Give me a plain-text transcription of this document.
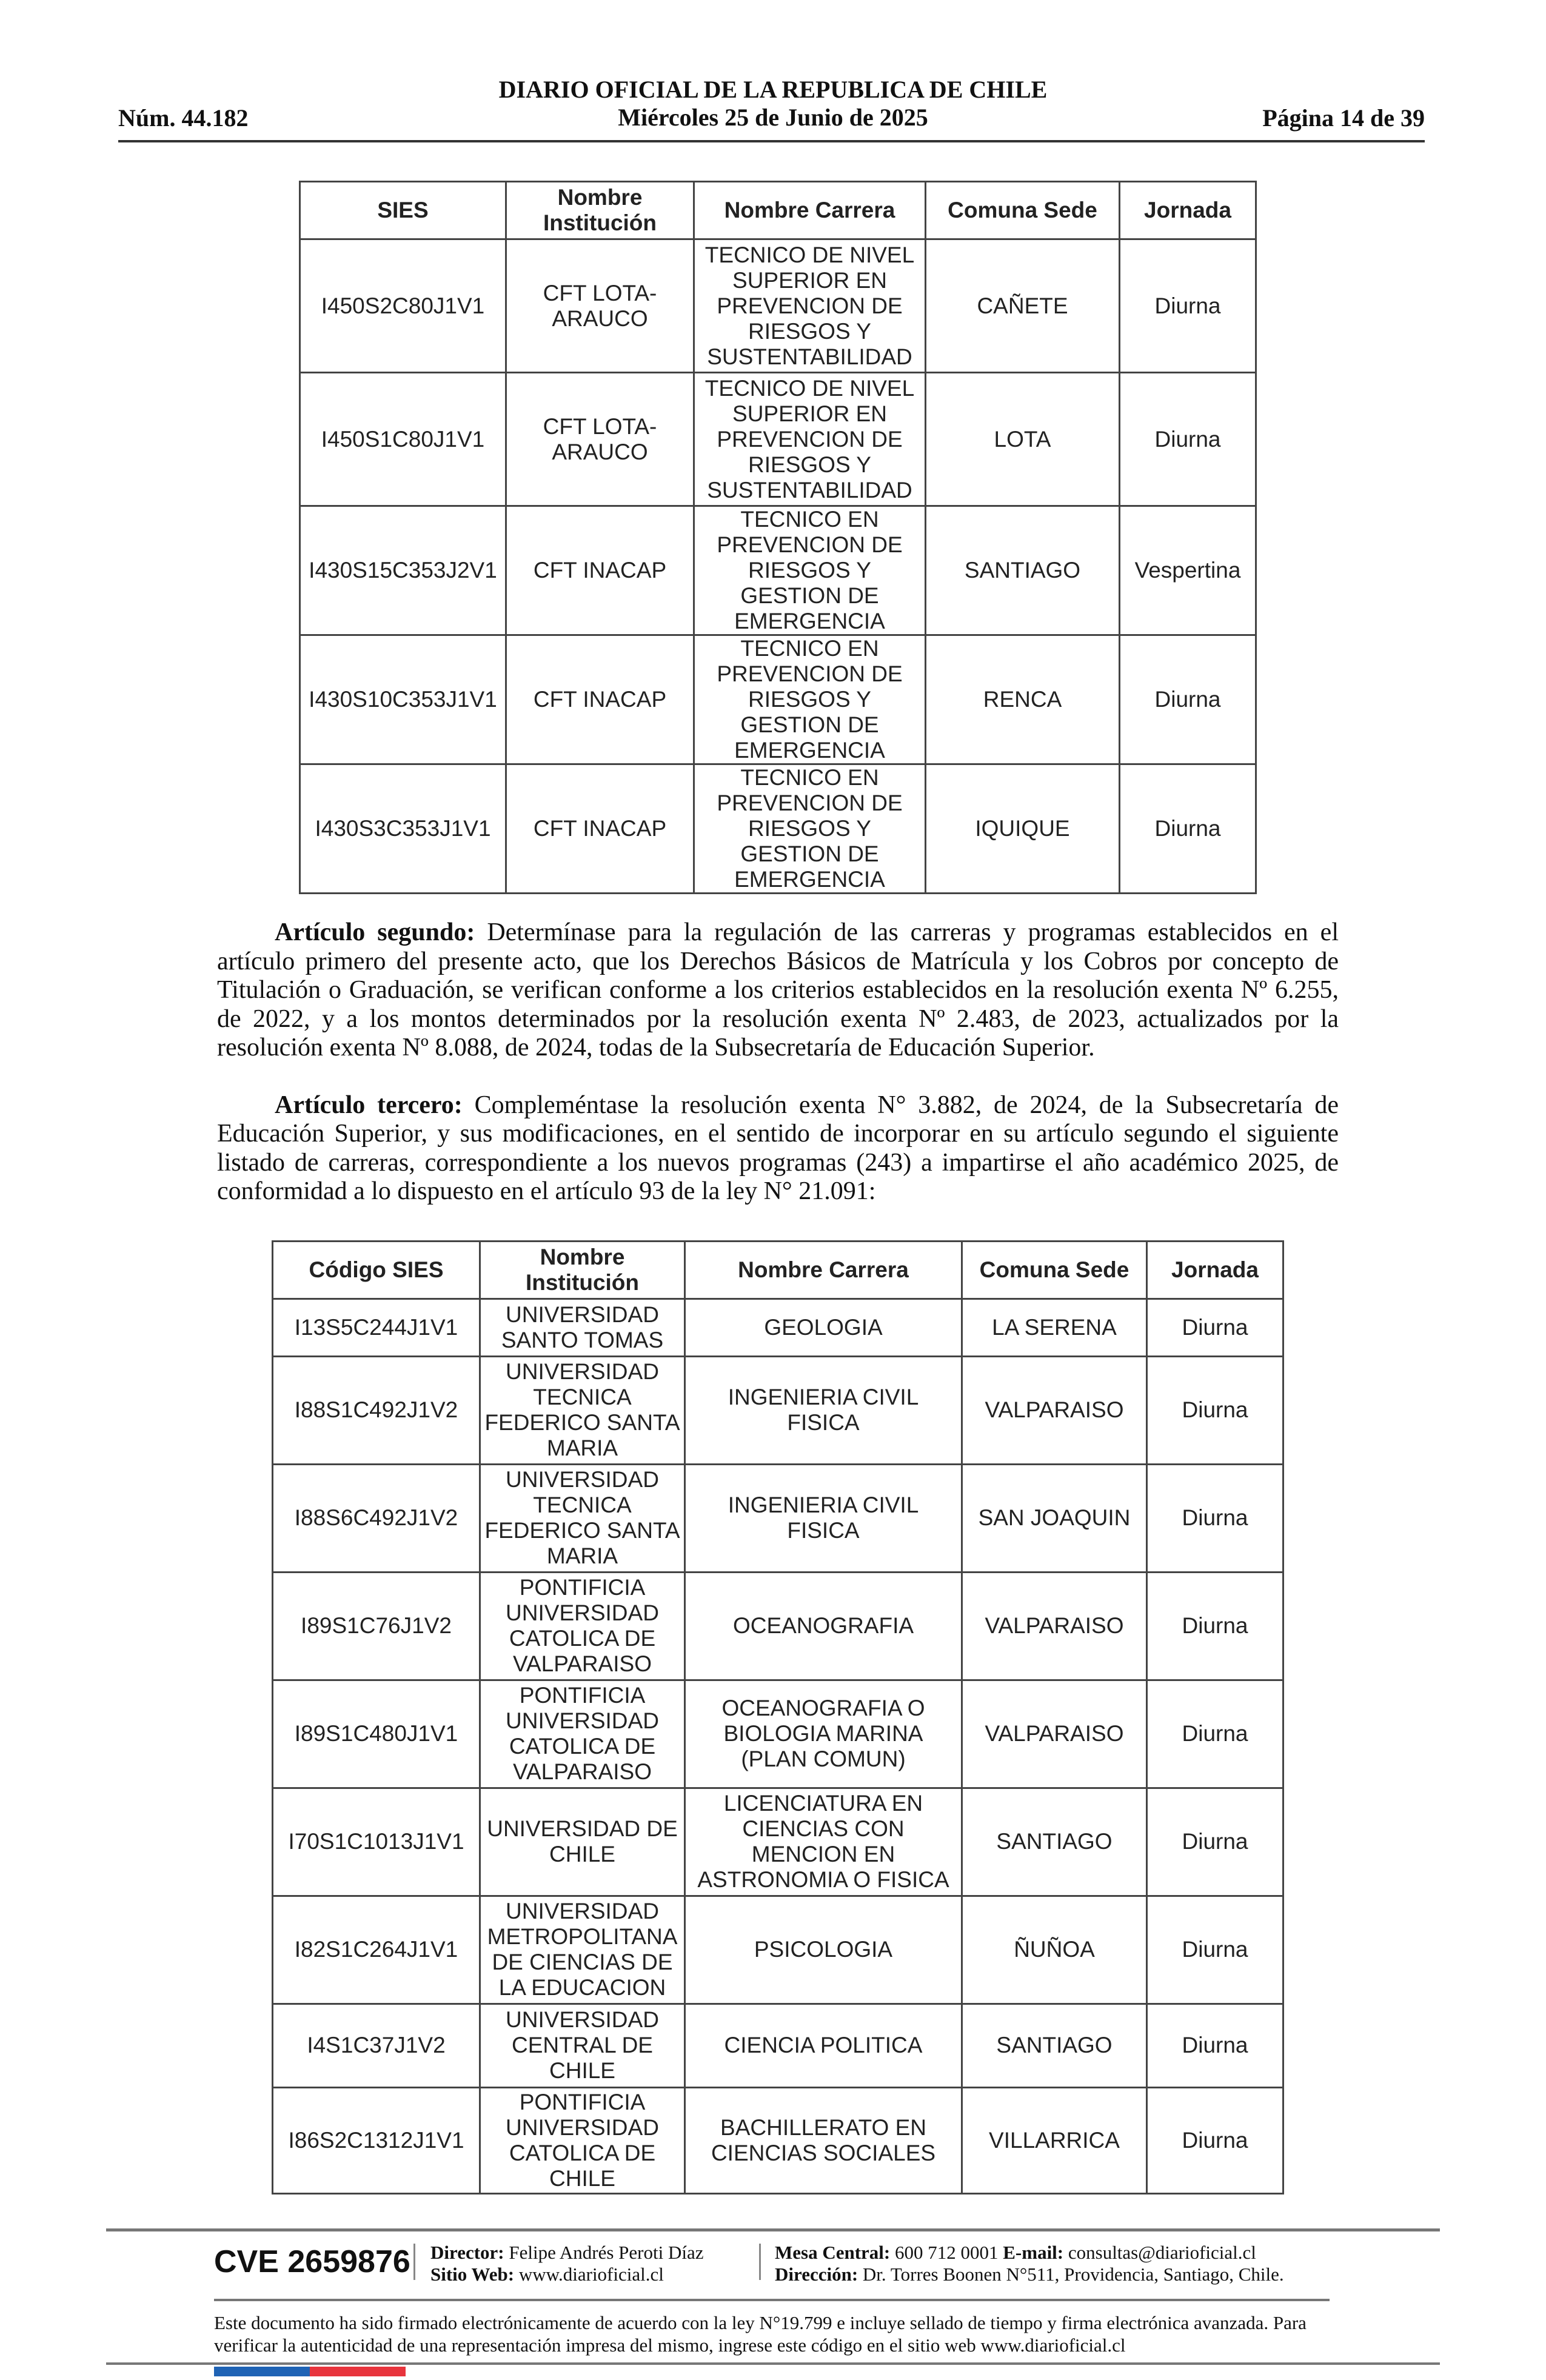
DIARIO OFICIAL DE LA REPUBLICA DE CHILE
Miércoles 25 de Junio de 2025
Núm. 44.182	Página 14 de 39
SIES	Nombre Institución	Nombre Carrera	Comuna Sede	Jornada
I450S2C80J1V1	CFT LOTA-ARAUCO	TECNICO DE NIVEL SUPERIOR EN PREVENCION DE RIESGOS Y SUSTENTABILIDAD	CAÑETE	Diurna
I450S1C80J1V1	CFT LOTA-ARAUCO	TECNICO DE NIVEL SUPERIOR EN PREVENCION DE RIESGOS Y SUSTENTABILIDAD	LOTA	Diurna
I430S15C353J2V1	CFT INACAP	TECNICO EN PREVENCION DE RIESGOS Y GESTION DE EMERGENCIA	SANTIAGO	Vespertina
I430S10C353J1V1	CFT INACAP	TECNICO EN PREVENCION DE RIESGOS Y GESTION DE EMERGENCIA	RENCA	Diurna
I430S3C353J1V1	CFT INACAP	TECNICO EN PREVENCION DE RIESGOS Y GESTION DE EMERGENCIA	IQUIQUE	Diurna
Artículo segundo: Determínase para la regulación de las carreras y programas establecidos en el artículo primero del presente acto, que los Derechos Básicos de Matrícula y los Cobros por concepto de Titulación o Graduación, se verifican conforme a los criterios establecidos en la resolución exenta Nº 6.255, de 2022, y a los montos determinados por la resolución exenta Nº 2.483, de 2023, actualizados por la resolución exenta Nº 8.088, de 2024, todas de la Subsecretaría de Educación Superior.
Artículo tercero: Compleméntase la resolución exenta N° 3.882, de 2024, de la Subsecretaría de Educación Superior, y sus modificaciones, en el sentido de incorporar en su artículo segundo el siguiente listado de carreras, correspondiente a los nuevos programas (243) a impartirse el año académico 2025, de conformidad a lo dispuesto en el artículo 93 de la ley N° 21.091:
Código SIES	Nombre Institución	Nombre Carrera	Comuna Sede	Jornada
I13S5C244J1V1	UNIVERSIDAD SANTO TOMAS	GEOLOGIA	LA SERENA	Diurna
I88S1C492J1V2	UNIVERSIDAD TECNICA FEDERICO SANTA MARIA	INGENIERIA CIVIL FISICA	VALPARAISO	Diurna
I88S6C492J1V2	UNIVERSIDAD TECNICA FEDERICO SANTA MARIA	INGENIERIA CIVIL FISICA	SAN JOAQUIN	Diurna
I89S1C76J1V2	PONTIFICIA UNIVERSIDAD CATOLICA DE VALPARAISO	OCEANOGRAFIA	VALPARAISO	Diurna
I89S1C480J1V1	PONTIFICIA UNIVERSIDAD CATOLICA DE VALPARAISO	OCEANOGRAFIA O BIOLOGIA MARINA (PLAN COMUN)	VALPARAISO	Diurna
I70S1C1013J1V1	UNIVERSIDAD DE CHILE	LICENCIATURA EN CIENCIAS CON MENCION EN ASTRONOMIA O FISICA	SANTIAGO	Diurna
I82S1C264J1V1	UNIVERSIDAD METROPOLITANA DE CIENCIAS DE LA EDUCACION	PSICOLOGIA	ÑUÑOA	Diurna
I4S1C37J1V2	UNIVERSIDAD CENTRAL DE CHILE	CIENCIA POLITICA	SANTIAGO	Diurna
I86S2C1312J1V1	PONTIFICIA UNIVERSIDAD CATOLICA DE CHILE	BACHILLERATO EN CIENCIAS SOCIALES	VILLARRICA	Diurna
CVE 2659876 Director: Felipe Andrés Peroti Díaz
Sitio Web: www.diarioficial.cl
Mesa Central: 600 712 0001 E-mail: consultas@diarioficial.cl
Dirección: Dr. Torres Boonen N°511, Providencia, Santiago, Chile.
Este documento ha sido firmado electrónicamente de acuerdo con la ley N°19.799 e incluye sellado de tiempo y firma electrónica avanzada. Para verificar la autenticidad de una representación impresa del mismo, ingrese este código en el sitio web www.diarioficial.cl
